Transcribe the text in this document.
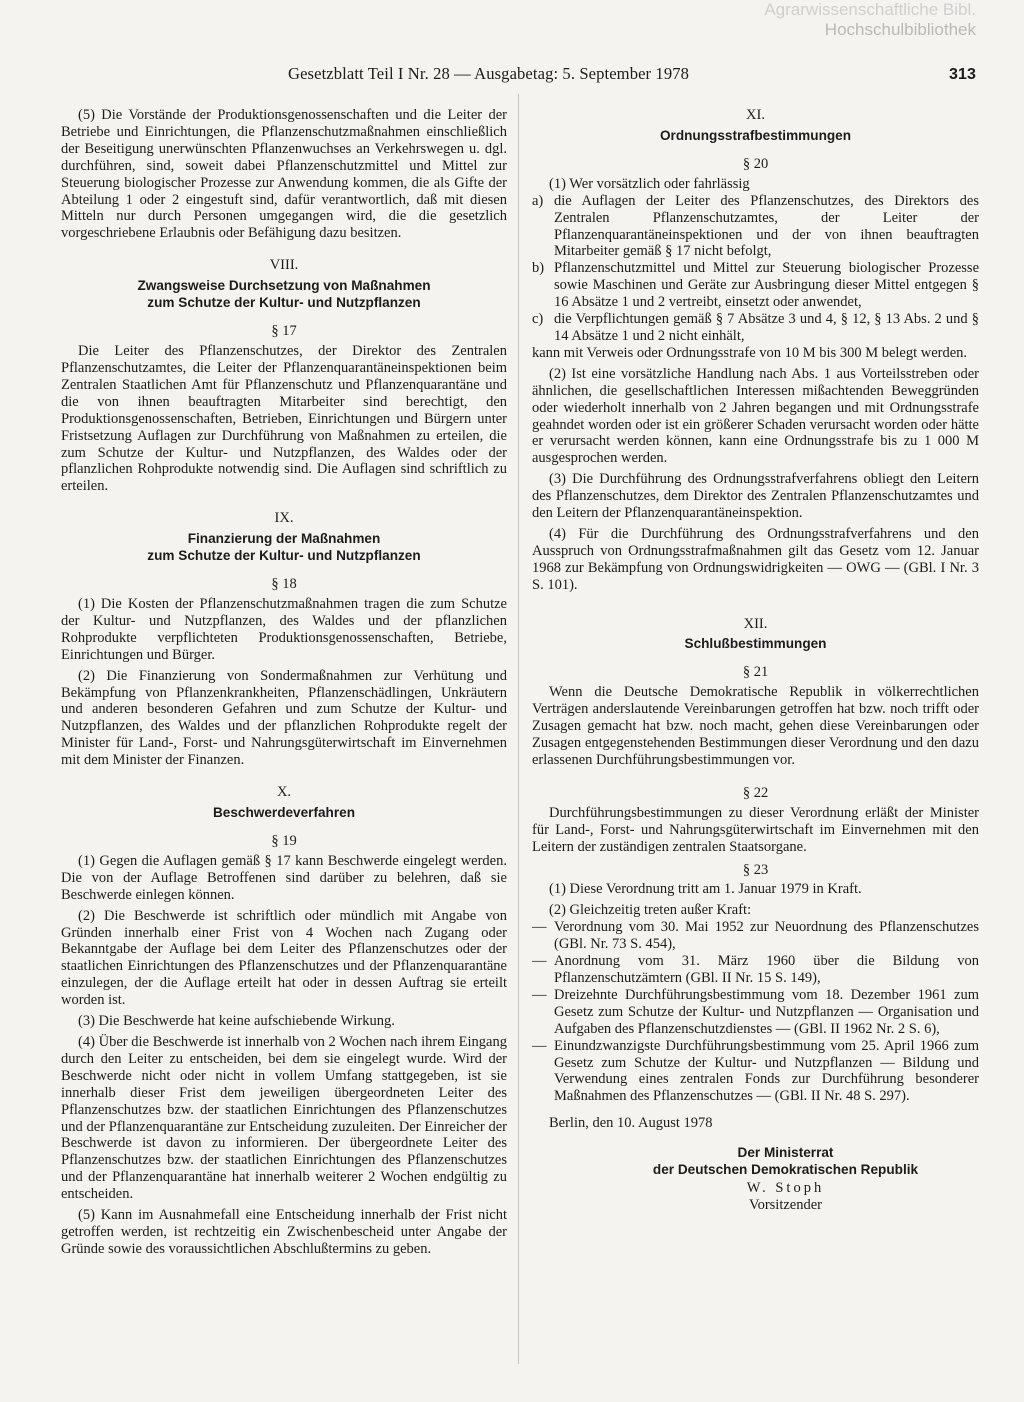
Agrarwissenschaftliche Bibl.
Hochschulbibliothek
Gesetzblatt Teil I Nr. 28 — Ausgabetag: 5. September 1978	313

(5) Die Vorstände der Produktionsgenossenschaften und die Leiter der Betriebe und Einrichtungen, die Pflanzenschutzmaßnahmen einschließlich der Beseitigung unerwünschten Pflanzenwuchses an Verkehrswegen u. dgl. durchführen, sind, soweit dabei Pflanzenschutzmittel und Mittel zur Steuerung biologischer Prozesse zur Anwendung kommen, die als Gifte der Abteilung 1 oder 2 eingestuft sind, dafür verantwortlich, daß mit diesen Mitteln nur durch Personen umgegangen wird, die die gesetzlich vorgeschriebene Erlaubnis oder Befähigung dazu besitzen.

VIII.
Zwangsweise Durchsetzung von Maßnahmen
zum Schutze der Kultur- und Nutzpflanzen
§ 17

Die Leiter des Pflanzenschutzes, der Direktor des Zentralen Pflanzenschutzamtes, die Leiter der Pflanzenquarantäneinspektionen beim Zentralen Staatlichen Amt für Pflanzenschutz und Pflanzenquarantäne und die von ihnen beauftragten Mitarbeiter sind berechtigt, den Produktionsgenossenschaften, Betrieben, Einrichtungen und Bürgern unter Fristsetzung Auflagen zur Durchführung von Maßnahmen zu erteilen, die zum Schutze der Kultur- und Nutzpflanzen, des Waldes oder der pflanzlichen Rohprodukte notwendig sind. Die Auflagen sind schriftlich zu erteilen.

IX.
Finanzierung der Maßnahmen
zum Schutze der Kultur- und Nutzpflanzen
§ 18

(1) Die Kosten der Pflanzenschutzmaßnahmen tragen die zum Schutze der Kultur- und Nutzpflanzen, des Waldes und der pflanzlichen Rohprodukte verpflichteten Produktionsgenossenschaften, Betriebe, Einrichtungen und Bürger.

(2) Die Finanzierung von Sondermaßnahmen zur Verhütung und Bekämpfung von Pflanzenkrankheiten, Pflanzenschädlingen, Unkräutern und anderen besonderen Gefahren und zum Schutze der Kultur- und Nutzpflanzen, des Waldes und der pflanzlichen Rohprodukte regelt der Minister für Land-, Forst- und Nahrungsgüterwirtschaft im Einvernehmen mit dem Minister der Finanzen.

X.
Beschwerdeverfahren
§ 19

(1) Gegen die Auflagen gemäß § 17 kann Beschwerde eingelegt werden. Die von der Auflage Betroffenen sind darüber zu belehren, daß sie Beschwerde einlegen können.

(2) Die Beschwerde ist schriftlich oder mündlich mit Angabe von Gründen innerhalb einer Frist von 4 Wochen nach Zugang oder Bekanntgabe der Auflage bei dem Leiter des Pflanzenschutzes oder der staatlichen Einrichtungen des Pflanzenschutzes und der Pflanzenquarantäne einzulegen, der die Auflage erteilt hat oder in dessen Auftrag sie erteilt worden ist.

(3) Die Beschwerde hat keine aufschiebende Wirkung.

(4) Über die Beschwerde ist innerhalb von 2 Wochen nach ihrem Eingang durch den Leiter zu entscheiden, bei dem sie eingelegt wurde. Wird der Beschwerde nicht oder nicht in vollem Umfang stattgegeben, ist sie innerhalb dieser Frist dem jeweiligen übergeordneten Leiter des Pflanzenschutzes bzw. der staatlichen Einrichtungen des Pflanzenschutzes und der Pflanzenquarantäne zur Entscheidung zuzuleiten. Der Einreicher der Beschwerde ist davon zu informieren. Der übergeordnete Leiter des Pflanzenschutzes bzw. der staatlichen Einrichtungen des Pflanzenschutzes und der Pflanzenquarantäne hat innerhalb weiterer 2 Wochen endgültig zu entscheiden.

(5) Kann im Ausnahmefall eine Entscheidung innerhalb der Frist nicht getroffen werden, ist rechtzeitig ein Zwischenbescheid unter Angabe der Gründe sowie des voraussichtlichen Abschlußtermins zu geben.

XI.
Ordnungsstrafbestimmungen
§ 20

(1) Wer vorsätzlich oder fahrlässig

a) die Auflagen der Leiter des Pflanzenschutzes, des Direktors des Zentralen Pflanzenschutzamtes, der Leiter der Pflanzenquarantäneinspektionen und der von ihnen beauftragten Mitarbeiter gemäß § 17 nicht befolgt,
b) Pflanzenschutzmittel und Mittel zur Steuerung biologischer Prozesse sowie Maschinen und Geräte zur Ausbringung dieser Mittel entgegen § 16 Absätze 1 und 2 vertreibt, einsetzt oder anwendet,
c) die Verpflichtungen gemäß § 7 Absätze 3 und 4, § 12, § 13 Abs. 2 und § 14 Absätze 1 und 2 nicht einhält,

kann mit Verweis oder Ordnungsstrafe von 10 M bis 300 M belegt werden.

(2) Ist eine vorsätzliche Handlung nach Abs. 1 aus Vorteilsstreben oder ähnlichen, die gesellschaftlichen Interessen mißachtenden Beweggründen oder wiederholt innerhalb von 2 Jahren begangen und mit Ordnungsstrafe geahndet worden oder ist ein größerer Schaden verursacht worden oder hätte er verursacht werden können, kann eine Ordnungsstrafe bis zu 1 000 M ausgesprochen werden.

(3) Die Durchführung des Ordnungsstrafverfahrens obliegt den Leitern des Pflanzenschutzes, dem Direktor des Zentralen Pflanzenschutzamtes und den Leitern der Pflanzenquarantäneinspektion.

(4) Für die Durchführung des Ordnungsstrafverfahrens und den Ausspruch von Ordnungsstrafmaßnahmen gilt das Gesetz vom 12. Januar 1968 zur Bekämpfung von Ordnungswidrigkeiten — OWG — (GBl. I Nr. 3 S. 101).

XII.
Schlußbestimmungen
§ 21

Wenn die Deutsche Demokratische Republik in völkerrechtlichen Verträgen anderslautende Vereinbarungen getroffen hat bzw. noch trifft oder Zusagen gemacht hat bzw. noch macht, gehen diese Vereinbarungen oder Zusagen entgegenstehenden Bestimmungen dieser Verordnung und den dazu erlassenen Durchführungsbestimmungen vor.

§ 22

Durchführungsbestimmungen zu dieser Verordnung erläßt der Minister für Land-, Forst- und Nahrungsgüterwirtschaft im Einvernehmen mit den Leitern der zuständigen zentralen Staatsorgane.

§ 23

(1) Diese Verordnung tritt am 1. Januar 1979 in Kraft.

(2) Gleichzeitig treten außer Kraft:

— Verordnung vom 30. Mai 1952 zur Neuordnung des Pflanzenschutzes (GBl. Nr. 73 S. 454),
— Anordnung vom 31. März 1960 über die Bildung von Pflanzenschutzämtern (GBl. II Nr. 15 S. 149),
— Dreizehnte Durchführungsbestimmung vom 18. Dezember 1961 zum Gesetz zum Schutze der Kultur- und Nutzpflanzen — Organisation und Aufgaben des Pflanzenschutzdienstes — (GBl. II 1962 Nr. 2 S. 6),
— Einundzwanzigste Durchführungsbestimmung vom 25. April 1966 zum Gesetz zum Schutze der Kultur- und Nutzpflanzen — Bildung und Verwendung eines zentralen Fonds zur Durchführung besonderer Maßnahmen des Pflanzenschutzes — (GBl. II Nr. 48 S. 297).

Berlin, den 10. August 1978

Der Ministerrat
der Deutschen Demokratischen Republik
W. Stoph
Vorsitzender
